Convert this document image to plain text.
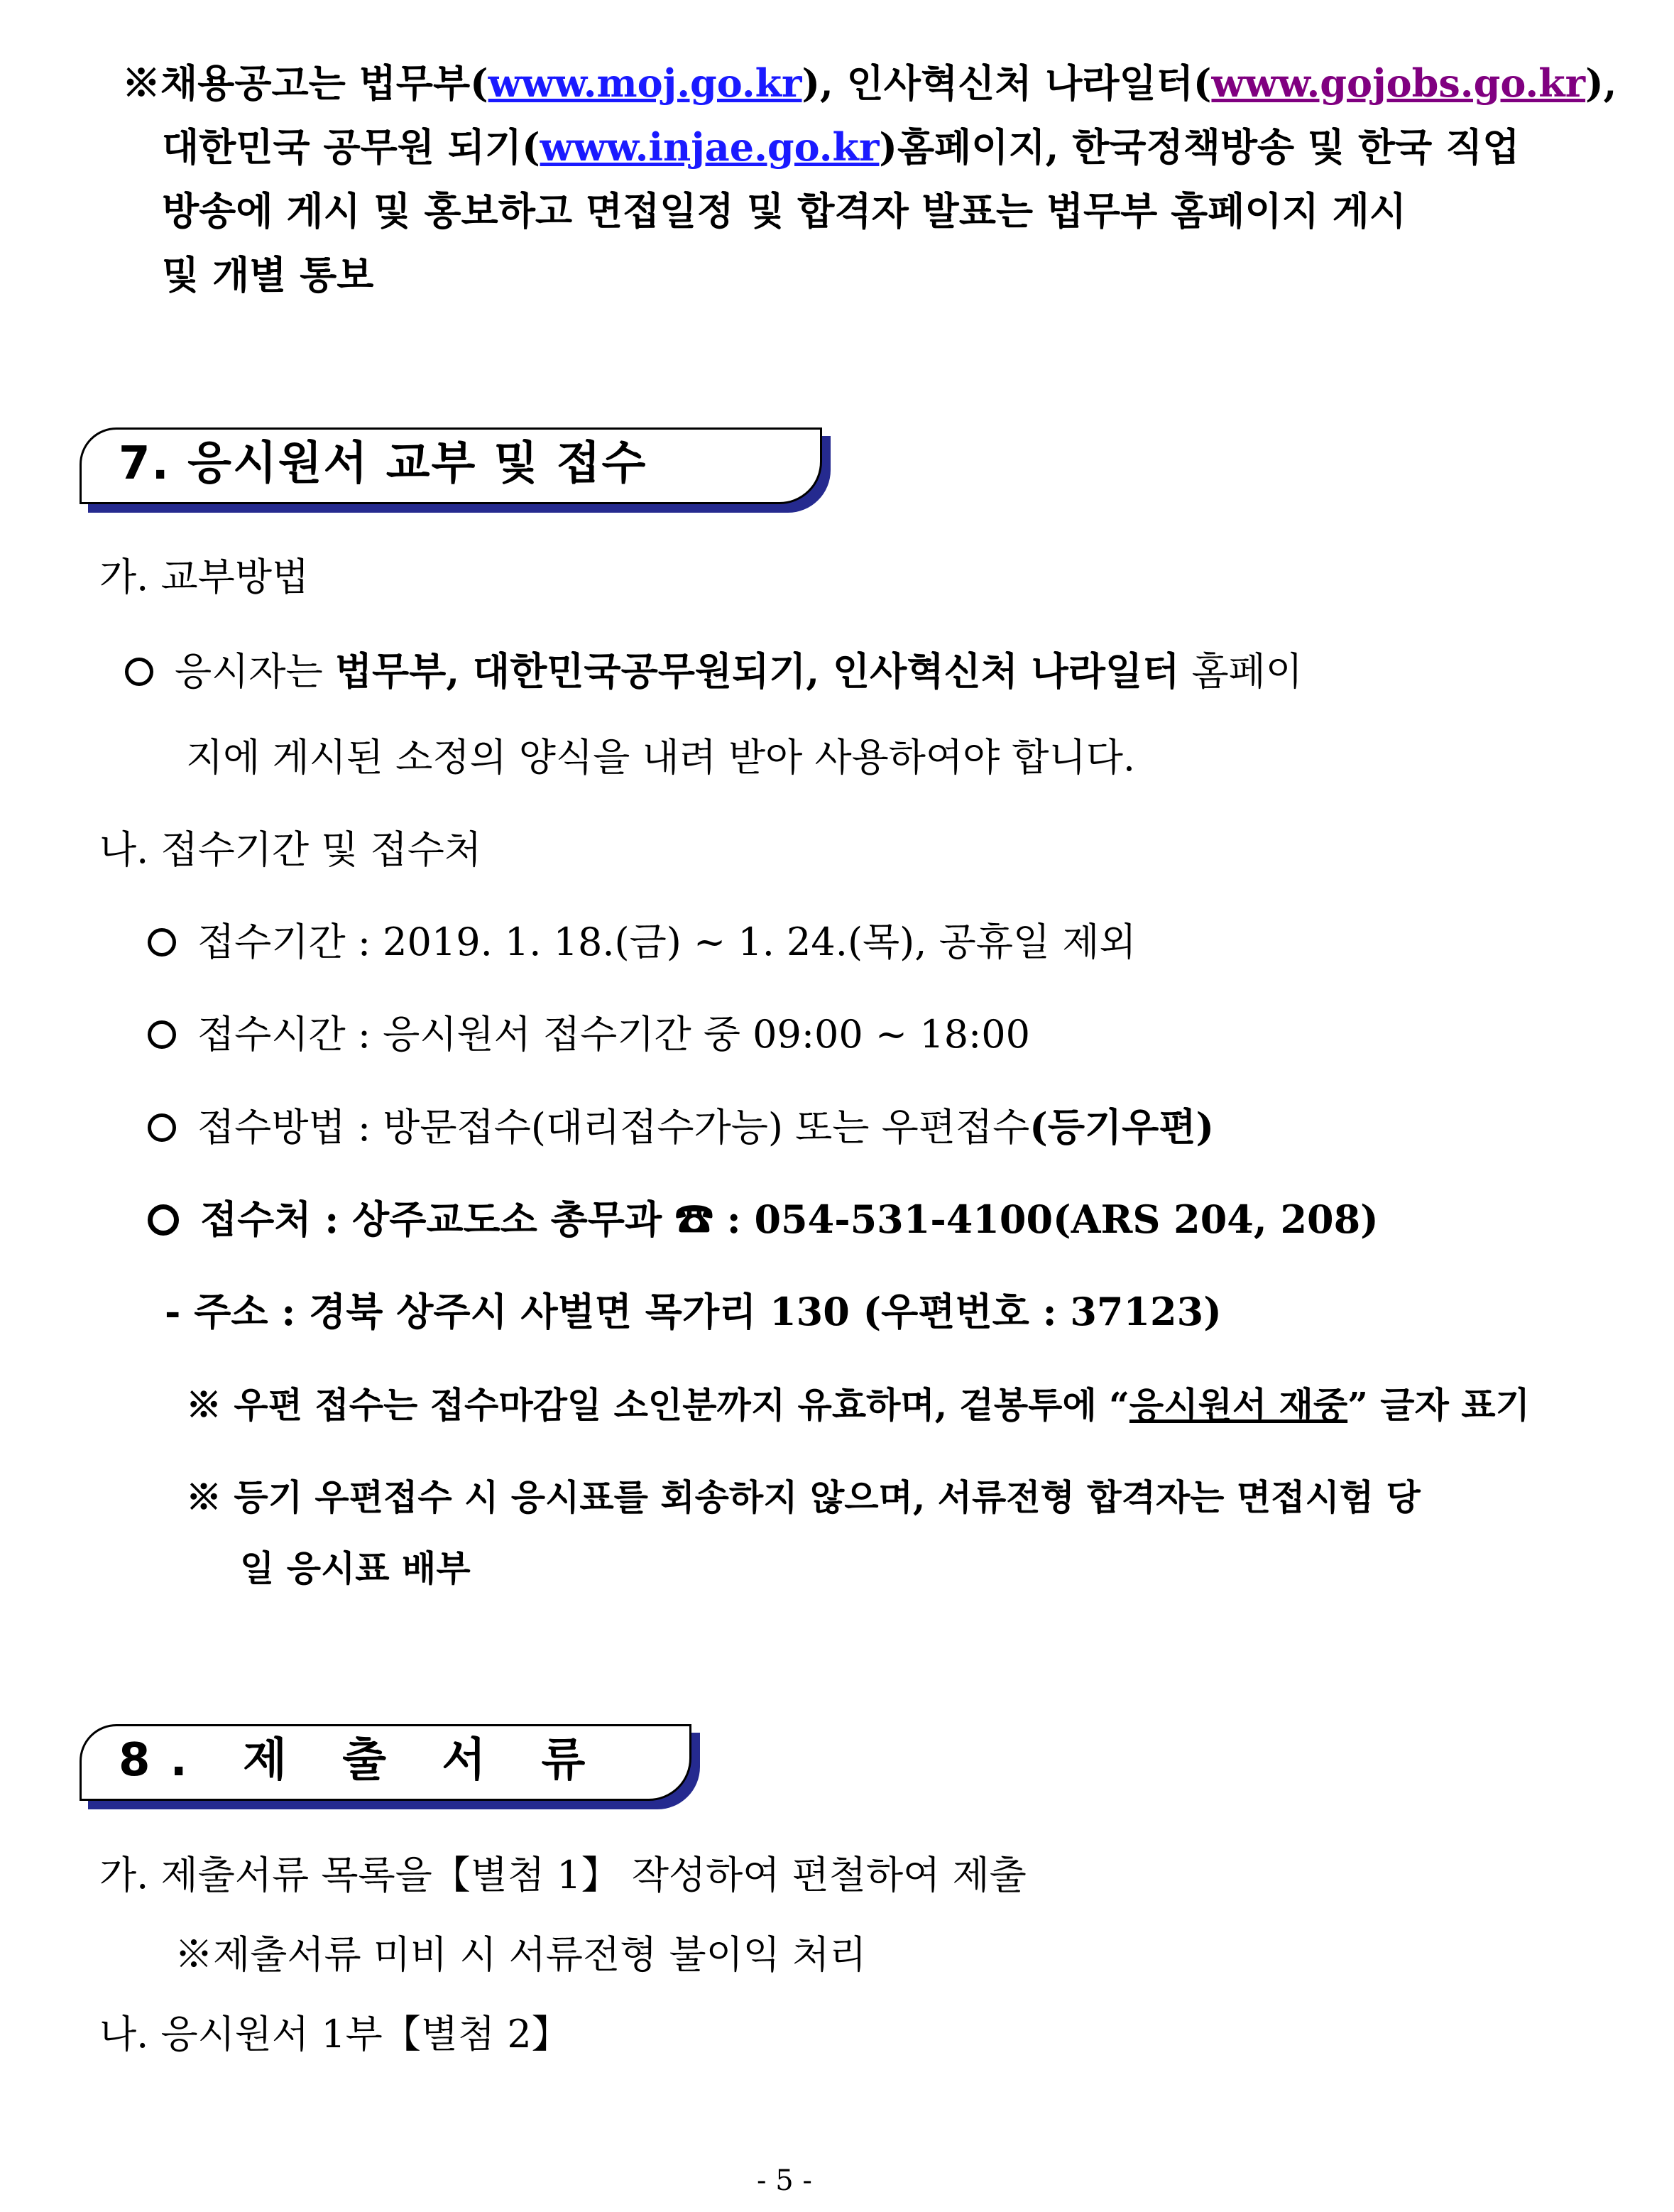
※채용공고는 법무부(www.moj.go.kr), 인사혁신처 나라일터(www.gojobs.go.kr),
대한민국 공무원 되기(www.injae.go.kr)홈페이지, 한국정책방송 및 한국 직업
방송에 게시 및 홍보하고 면접일정 및 합격자 발표는 법무부 홈페이지 게시
및 개별 통보
7. 응시원서 교부 및 접수
가. 교부방법
응시자는 법무부, 대한민국공무원되기, 인사혁신처 나라일터 홈페이
지에 게시된 소정의 양식을 내려 받아 사용하여야 합니다.
나. 접수기간 및 접수처
접수기간 : 2019. 1. 18.(금) ~ 1. 24.(목), 공휴일 제외
접수시간 : 응시원서 접수기간 중 09:00 ~ 18:00
접수방법 : 방문접수(대리접수가능) 또는 우편접수(등기우편)
접수처 : 상주교도소 총무과 ☎ : 054-531-4100(ARS 204, 208)
- 주소 : 경북 상주시 사벌면 목가리 130 (우편번호 : 37123)
※ 우편 접수는 접수마감일 소인분까지 유효하며, 겉봉투에 “응시원서 재중” 글자 표기
※ 등기 우편접수 시 응시표를 회송하지 않으며, 서류전형 합격자는 면접시험 당
일 응시표 배부
8. 제 출 서 류
가. 제출서류 목록을【별첨 1】 작성하여 편철하여 제출
※제출서류 미비 시 서류전형 불이익 처리
나. 응시원서 1부【별첨 2】
- 5 -
